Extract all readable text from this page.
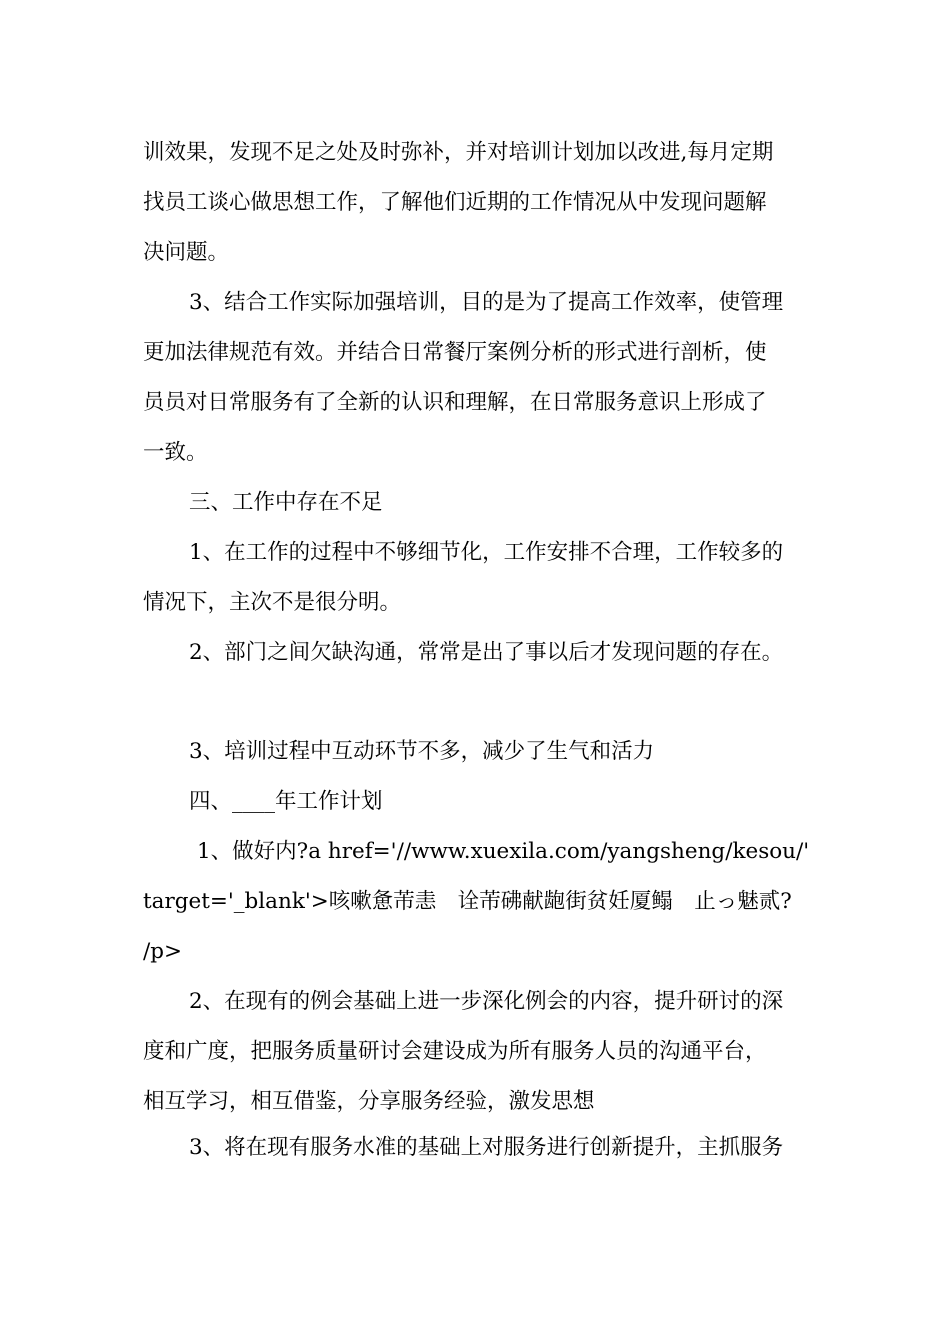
训效果，发现不足之处及时弥补，并对培训计划加以改进,每月定期
找员工谈心做思想工作，了解他们近期的工作情况从中发现问题解
决问题。

3、结合工作实际加强培训，目的是为了提高工作效率，使管理
更加法律规范有效。并结合日常餐厅案例分析的形式进行剖析，使
员员对日常服务有了全新的认识和理解，在日常服务意识上形成了
一致。

三、工作中存在不足

1、在工作的过程中不够细节化，工作安排不合理，工作较多的
情况下，主次不是很分明。

2、部门之间欠缺沟通，常常是出了事以后才发现问题的存在。

3、培训过程中互动环节不多，减少了生气和活力

四、____年工作计划

1、做好内?a href='//www.xuexila.com/yangsheng/kesou/'
target='_blank'>咳嗽惫芾恚　诠芾砩献龅街贫妊厦鳎　止っ魅贰?
/p>

2、在现有的例会基础上进一步深化例会的内容，提升研讨的深
度和广度，把服务质量研讨会建设成为所有服务人员的沟通平台，
相互学习，相互借鉴，分享服务经验，激发思想

3、将在现有服务水准的基础上对服务进行创新提升，主抓服务
